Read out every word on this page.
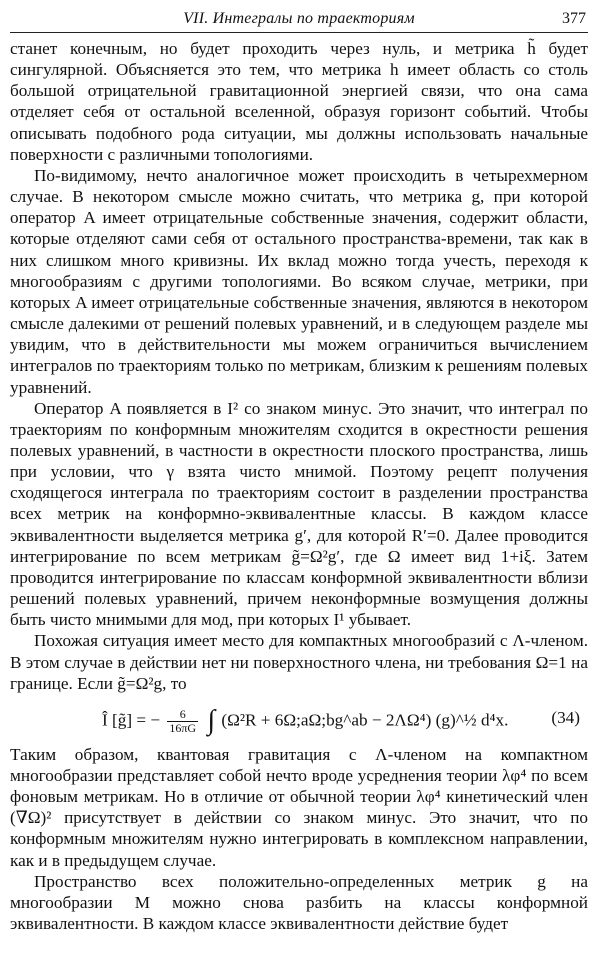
VII. Интегралы по траекториям	377

станет конечным, но будет проходить через нуль, и метрика h̃ будет сингулярной. Объясняется это тем, что метрика h имеет область со столь большой отрицательной гравитационной энергией связи, что она сама отделяет себя от остальной вселенной, образуя горизонт событий. Чтобы описывать подобного рода ситуации, мы должны использовать начальные поверхности с различными топологиями.

По-видимому, нечто аналогичное может происходить в четырехмерном случае. В некотором смысле можно считать, что метрика g, при которой оператор A имеет отрицательные собственные значения, содержит области, которые отделяют сами себя от остального пространства-времени, так как в них слишком много кривизны. Их вклад можно тогда учесть, переходя к многообразиям с другими топологиями. Во всяком случае, метрики, при которых A имеет отрицательные собственные значения, являются в некотором смысле далекими от решений полевых уравнений, и в следующем разделе мы увидим, что в действительности мы можем ограничиться вычислением интегралов по траекториям только по метрикам, близким к решениям полевых уравнений.

Оператор A появляется в I² со знаком минус. Это значит, что интеграл по траекториям по конформным множителям сходится в окрестности решения полевых уравнений, в частности в окрестности плоского пространства, лишь при условии, что γ взята чисто мнимой. Поэтому рецепт получения сходящегося интеграла по траекториям состоит в разделении пространства всех метрик на конформно-эквивалентные классы. В каждом классе эквивалентности выделяется метрика g′, для которой R′=0. Далее проводится интегрирование по всем метрикам g̃=Ω²g′, где Ω имеет вид 1+iξ. Затем проводится интегрирование по классам конформной эквивалентности вблизи решений полевых уравнений, причем неконформные возмущения должны быть чисто мнимыми для мод, при которых I¹ убывает.

Похожая ситуация имеет место для компактных многообразий с Λ-членом. В этом случае в действии нет ни поверхностного члена, ни требования Ω=1 на границе. Если g̃=Ω²g, то

Î [g̃] = − $\frac{6}{16\pi G}$ ∫ (Ω²R + 6Ω;aΩ;bg^ab − 2ΛΩ⁴) (g)^½ d⁴x. (34)

Таким образом, квантовая гравитация с Λ-членом на компактном многообразии представляет собой нечто вроде усреднения теории λφ⁴ по всем фоновым метрикам. Но в отличие от обычной теории λφ⁴ кинетический член (∇Ω)² присутствует в действии со знаком минус. Это значит, что по конформным множителям нужно интегрировать в комплексном направлении, как и в предыдущем случае.

Пространство всех положительно-определенных метрик g на многообразии M можно снова разбить на классы конформной эквивалентности. В каждом классе эквивалентности действие будет
